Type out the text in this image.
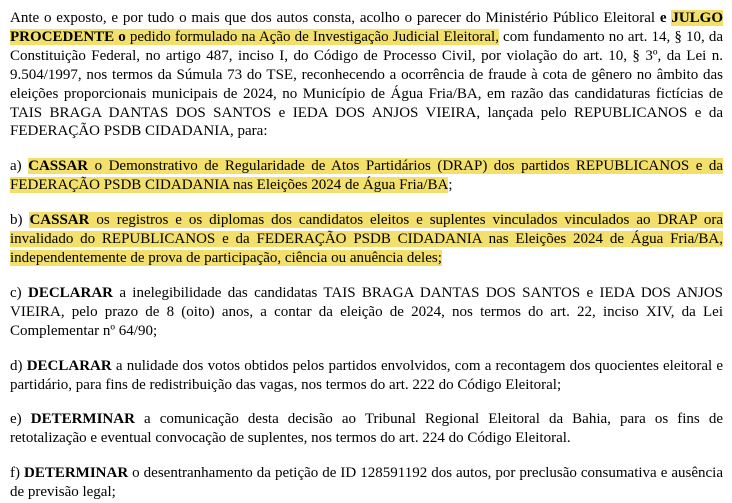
Ante o exposto, e por tudo o mais que dos autos consta, acolho o parecer do Ministério Público Eleitoral e JULGO PROCEDENTE o pedido formulado na Ação de Investigação Judicial Eleitoral, com fundamento no art. 14, § 10, da Constituição Federal, no artigo 487, inciso I, do Código de Processo Civil, por violação do art. 10, § 3º, da Lei n. 9.504/1997, nos termos da Súmula 73 do TSE, reconhecendo a ocorrência de fraude à cota de gênero no âmbito das eleições proporcionais municipais de 2024, no Município de Água Fria/BA, em razão das candidaturas fictícias de TAIS BRAGA DANTAS DOS SANTOS e IEDA DOS ANJOS VIEIRA, lançada pelo REPUBLICANOS e da FEDERAÇÃO PSDB CIDADANIA, para:

a) CASSAR o Demonstrativo de Regularidade de Atos Partidários (DRAP) dos partidos REPUBLICANOS e da FEDERAÇÃO PSDB CIDADANIA nas Eleições 2024 de Água Fria/BA;

b) CASSAR os registros e os diplomas dos candidatos eleitos e suplentes vinculados vinculados ao DRAP ora invalidado do REPUBLICANOS e da FEDERAÇÃO PSDB CIDADANIA nas Eleições 2024 de Água Fria/BA, independentemente de prova de participação, ciência ou anuência deles;

c) DECLARAR a inelegibilidade das candidatas TAIS BRAGA DANTAS DOS SANTOS e IEDA DOS ANJOS VIEIRA, pelo prazo de 8 (oito) anos, a contar da eleição de 2024, nos termos do art. 22, inciso XIV, da Lei Complementar nº 64/90;

d) DECLARAR a nulidade dos votos obtidos pelos partidos envolvidos, com a recontagem dos quocientes eleitoral e partidário, para fins de redistribuição das vagas, nos termos do art. 222 do Código Eleitoral;

e) DETERMINAR a comunicação desta decisão ao Tribunal Regional Eleitoral da Bahia, para os fins de retotalização e eventual convocação de suplentes, nos termos do art. 224 do Código Eleitoral.

f) DETERMINAR o desentranhamento da petição de ID 128591192 dos autos, por preclusão consumativa e ausência de previsão legal;
